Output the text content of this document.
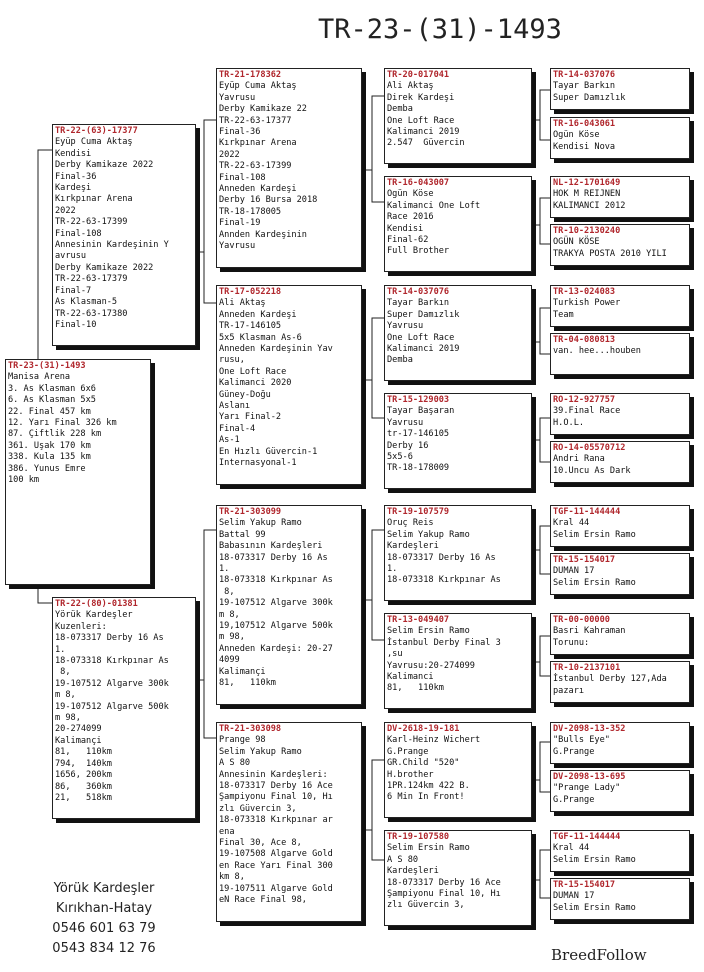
TR-23-(31)-1493
TR-23-(31)-1493
Manisa Arena
3. As Klasman 6x6
6. As Klasman 5x5
22. Final 457 km
12. Yarı Final 326 km
87. Çiftlik 228 km
361. Uşak 170 km
338. Kula 135 km
386. Yunus Emre
100 km
TR-22-(63)-17377
Eyüp Cuma Aktaş
Kendisi
Derby Kamikaze 2022
Final-36
Kardeşi
Kırkpınar Arena
2022
TR-22-63-17399
Final-108
Annesinin Kardeşinin Y
avrusu
Derby Kamikaze 2022
TR-22-63-17379
Final-7
As Klasman-5
TR-22-63-17380
Final-10
TR-22-(80)-01381
Yörük Kardeşler
Kuzenleri:
18-073317 Derby 16 As
1.
18-073318 Kırkpınar As
8,
19-107512 Algarve 300k
m 8,
19-107512 Algarve 500k
m 98,
20-274099
Kalimançi
81,   110km
794,  140km
1656, 200km
86,   360km
21,   518km
TR-21-178362
Eyüp Cuma Aktaş
Yavrusu
Derby Kamikaze 22
TR-22-63-17377
Final-36
Kırkpınar Arena
2022
TR-22-63-17399
Final-108
Anneden Kardeşi
Derby 16 Bursa 2018
TR-18-178005
Final-19
Annden Kardeşinin
Yavrusu
TR-17-052218
Ali Aktaş
Anneden Kardeşi
TR-17-146105
5x5 Klasman As-6
Anneden Kardeşinin Yav
rusu,
One Loft Race
Kalimanci 2020
Güney-Doğu
Aslanı
Yarı Final-2
Final-4
As-1
En Hızlı Güvercin-1
Internasyonal-1
TR-21-303099
Selim Yakup Ramo
Battal 99
Babasının Kardeşleri
18-073317 Derby 16 As
1.
18-073318 Kırkpınar As
8,
19-107512 Algarve 300k
m 8,
19,107512 Algarve 500k
m 98,
Anneden Kardeşi: 20-27
4099
Kalimançi
81,   110km
TR-21-303098
Prange 98
Selim Yakup Ramo
A S 80
Annesinin Kardeşleri:
18-073317 Derby 16 Ace
Şampiyonu Final 10, Hı
zlı Güvercin 3,
18-073318 Kırkpınar ar
ena
Final 30, Ace 8,
19-107508 Algarve Gold
en Race Yarı Final 300
km 8,
19-107511 Algarve Gold
eN Race Final 98,
TR-20-017041
Ali Aktaş
Direk Kardeşi
Demba
One Loft Race
Kalimanci 2019
2.547  Güvercin
TR-16-043007
Ogün Köse
Kalimanci One Loft
Race 2016
Kendisi
Final-62
Full Brother
TR-14-037076
Tayar Barkın
Super Damızlık
Yavrusu
One Loft Race
Kalimanci 2019
Demba
TR-15-129003
Tayar Başaran
Yavrusu
tr-17-146105
Derby 16
5x5-6
TR-18-178009
TR-19-107579
Oruç Reis
Selim Yakup Ramo
Kardeşleri
18-073317 Derby 16 As
1.
18-073318 Kırkpınar As
TR-13-049407
Selim Ersin Ramo
İstanbul Derby Final 3
,su
Yavrusu:20-274099
Kalimanci
81,   110km
DV-2618-19-181
Karl-Heinz Wichert
G.Prange
GR.Child "520"
H.brother
1PR.124km 422 B.
6 Min In Front!
TR-19-107580
Selim Ersin Ramo
A S 80
Kardeşleri
18-073317 Derby 16 Ace
Şampiyonu Final 10, Hı
zlı Güvercin 3,
TR-14-037076
Tayar Barkın
Super Damızlık
TR-16-043061
Ogün Köse
Kendisi Nova
NL-12-1701649
HOK M REIJNEN
KALIMANCI 2012
TR-10-2130240
OGÜN KÖSE
TRAKYA POSTA 2010 YILI
TR-13-024083
Turkish Power
Team
TR-04-080813
van. hee...houben
RO-12-927757
39.Final Race
H.O.L.
RO-14-05570712
Andri Rana
10.Uncu As Dark
TGF-11-144444
Kral 44
Selim Ersin Ramo
TR-15-154017
DUMAN 17
Selim Ersin Ramo
TR-00-00000
Basri Kahraman
Torunu:
TR-10-2137101
İstanbul Derby 127,Ada
pazarı
DV-2098-13-352
"Bulls Eye"
G.Prange
DV-2098-13-695
"Prange Lady"
G.Prange
TGF-11-144444
Kral 44
Selim Ersin Ramo
TR-15-154017
DUMAN 17
Selim Ersin Ramo
Yörük Kardeşler
Kırıkhan-Hatay
0546 601 63 79
0543 834 12 76	BreedFollow
